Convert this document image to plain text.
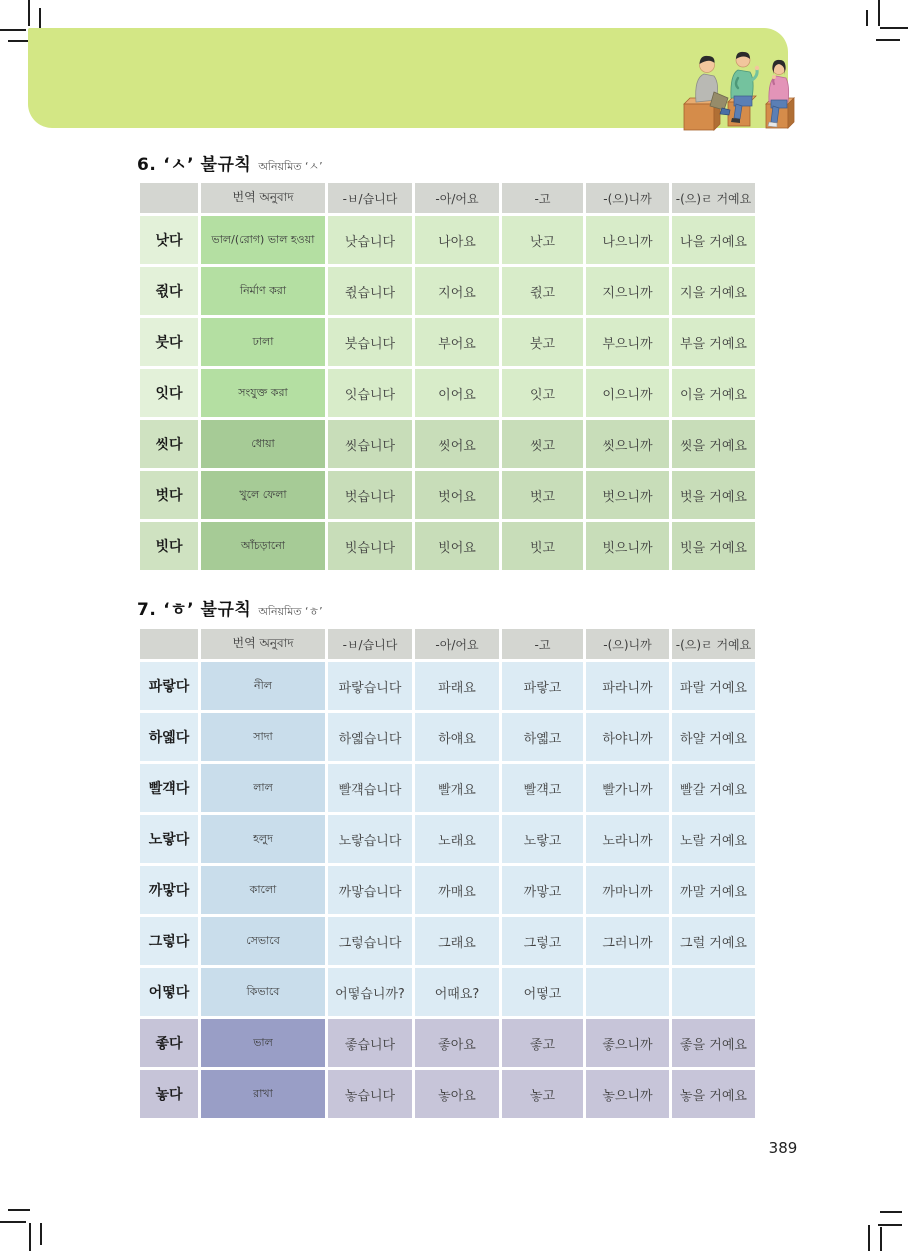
6. ‘ㅅ’ 불규칙 অনিয়মিত ‘ㅅ’
	번역 অনুবাদ	-ㅂ/습니다	-아/어요	-고	-(으)니까	-(으)ㄹ 거예요
낫다	ভাল/(রোগ) ভাল হওয়া	낫습니다	나아요	낫고	나으니까	나을 거예요
쥓다	নির্মাণ করা	쥓습니다	지어요	쥓고	지으니까	지을 거예요
붓다	ঢালা	붓습니다	부어요	붓고	부으니까	부을 거예요
잇다	সংযুক্ত করা	잇습니다	이어요	잇고	이으니까	이을 거예요
씻다	ধোয়া	씻습니다	씻어요	씻고	씻으니까	씻을 거예요
벗다	খুলে ফেলা	벗습니다	벗어요	벗고	벗으니까	벗을 거예요
빗다	আঁচড়ানো	빗습니다	빗어요	빗고	빗으니까	빗을 거예요
7. ‘ㅎ’ 불규칙 অনিয়মিত ‘ㅎ’
	번역 অনুবাদ	-ㅂ/습니다	-아/어요	-고	-(으)니까	-(으)ㄹ 거예요
파랗다	নীল	파랗습니다	파래요	파랗고	파라니까	파랄 거예요
하옓다	সাদা	하옓습니다	하얘요	하옓고	하야니까	하얄 거예요
빨걕다	লাল	빨걕습니다	빨개요	빨걕고	빨가니까	빨갈 거예요
노랗다	হলুদ	노랗습니다	노래요	노랗고	노라니까	노랄 거예요
까맣다	কালো	까맣습니다	까매요	까맣고	까마니까	까말 거예요
그렇다	সেভাবে	그렇습니다	그래요	그렇고	그러니까	그럴 거예요
어떻다	কিভাবে	어떻습니까?	어때요?	어떻고		
좋다	ভাল	좋습니다	좋아요	좋고	좋으니까	좋을 거예요
놓다	রাখা	놓습니다	놓아요	놓고	놓으니까	놓을 거예요
389
